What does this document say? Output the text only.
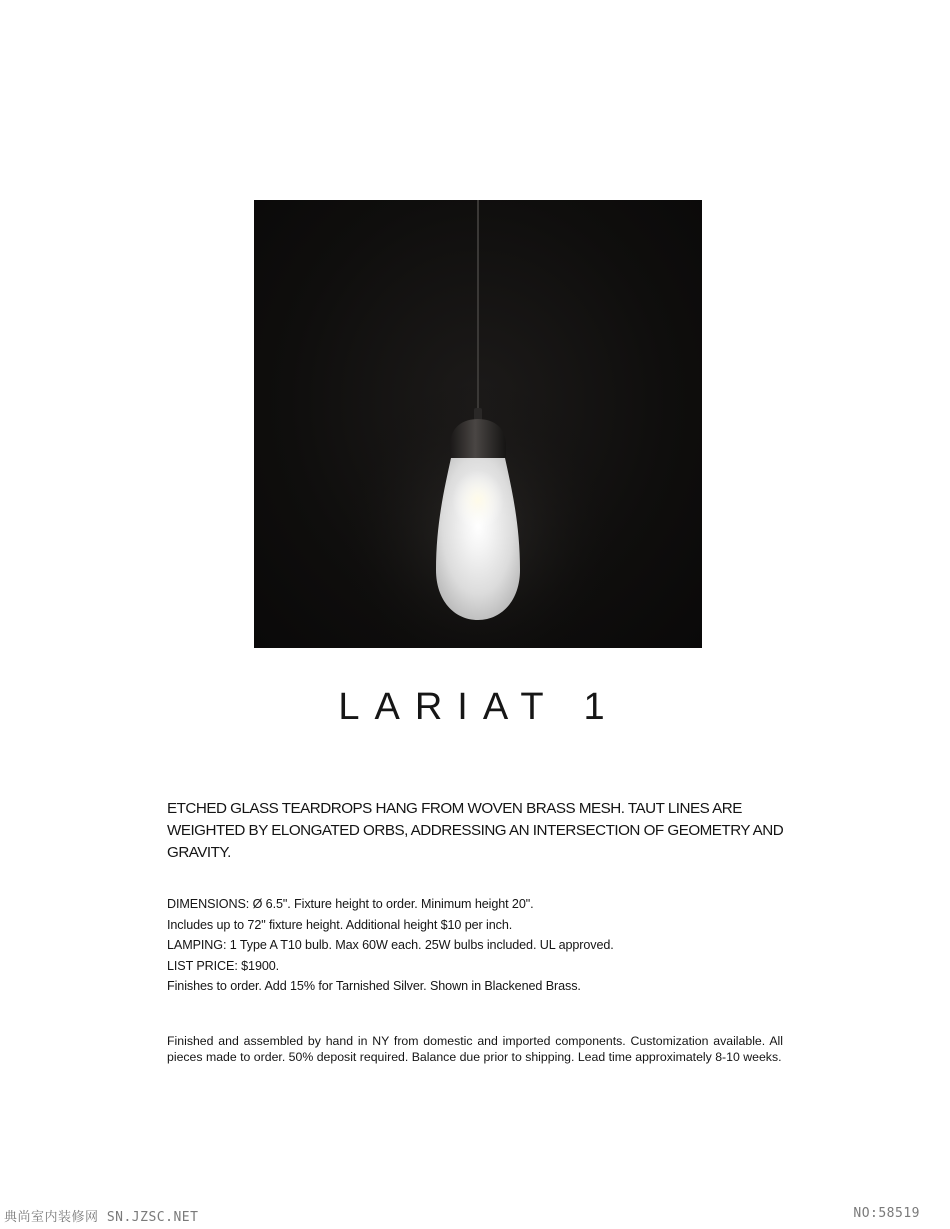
LARIAT 1

ETCHED GLASS TEARDROPS HANG FROM WOVEN BRASS MESH. TAUT LINES ARE WEIGHTED BY ELONGATED ORBS, ADDRESSING AN INTERSECTION OF GEOMETRY AND GRAVITY.

DIMENSIONS: Ø 6.5". Fixture height to order. Minimum height 20".
Includes up to 72" fixture height. Additional height $10 per inch.
LAMPING: 1 Type A T10 bulb. Max 60W each. 25W bulbs included. UL approved.
LIST PRICE: $1900.
Finishes to order. Add 15% for Tarnished Silver. Shown in Blackened Brass.

Finished and assembled by hand in NY from domestic and imported components. Customization available. All pieces made to order. 50% deposit required. Balance due prior to shipping. Lead time approximately 8-10 weeks.

典尚室内装修网 SN.JZSC.NET	NO:58519
